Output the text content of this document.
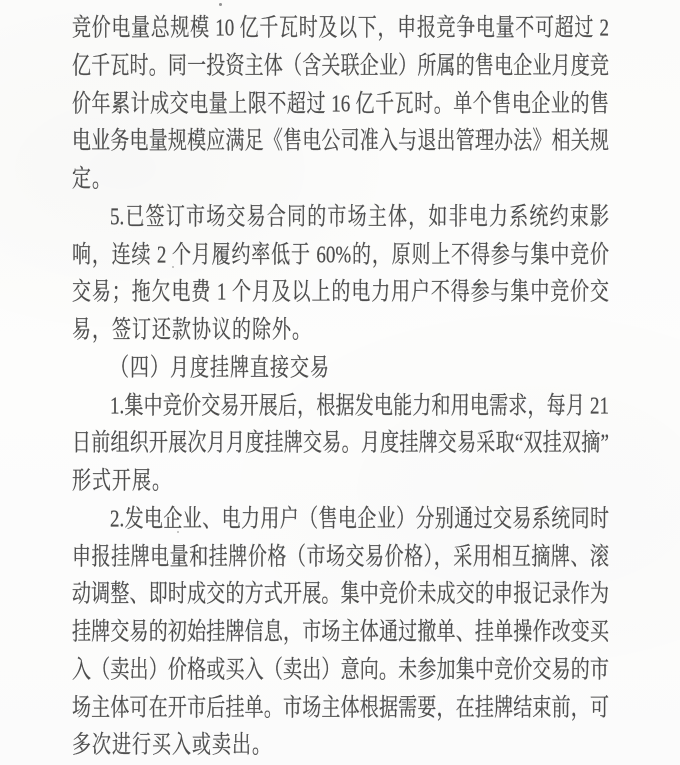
竞价电量总规模 10 亿千瓦时及以下，申报竞争电量不可超过 2
亿千瓦时。同一投资主体（含关联企业）所属的售电企业月度竞
价年累计成交电量上限不超过 16 亿千瓦时。单个售电企业的售
电业务电量规模应满足《售电公司准入与退出管理办法》相关规
定。
5.已签订市场交易合同的市场主体，如非电力系统约束影
响，连续 2 个月履约率低于 60%的，原则上不得参与集中竞价
交易；拖欠电费 1 个月及以上的电力用户不得参与集中竞价交
易，签订还款协议的除外。
（四）月度挂牌直接交易
1.集中竞价交易开展后，根据发电能力和用电需求，每月 21
日前组织开展次月月度挂牌交易。月度挂牌交易采取“双挂双摘”
形式开展。
2.发电企业、电力用户（售电企业）分别通过交易系统同时
申报挂牌电量和挂牌价格（市场交易价格），采用相互摘牌、滚
动调整、即时成交的方式开展。集中竞价未成交的申报记录作为
挂牌交易的初始挂牌信息，市场主体通过撤单、挂单操作改变买
入（卖出）价格或买入（卖出）意向。未参加集中竞价交易的市
场主体可在开市后挂单。市场主体根据需要，在挂牌结束前，可
多次进行买入或卖出。
